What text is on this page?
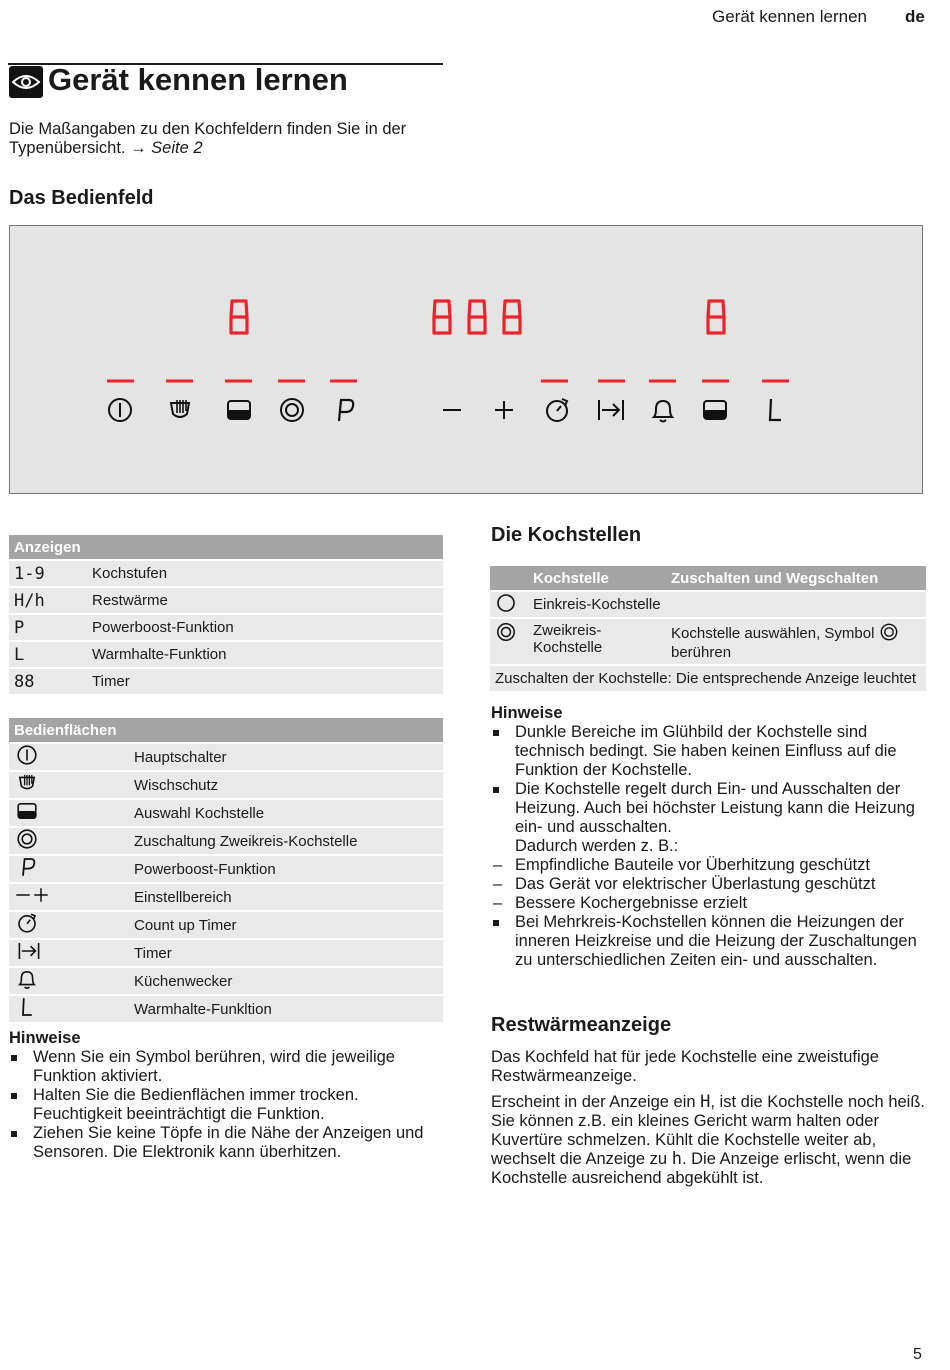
Gerät kennen lernen de
Gerät kennen lernen
Die Maßangaben zu den Kochfeldern finden Sie in der Typenübersicht. → Seite 2
Das Bedienfeld
Anzeigen	
1-9	Kochstufen
H/h	Restwärme
P	Powerboost-Funktion
L	Warmhalte-Funktion
88	Timer
Bedienflächen	
	Hauptschalter
	Wischschutz
	Auswahl Kochstelle
	Zuschaltung Zweikreis-Kochstelle
	Powerboost-Funktion
	Einstellbereich
	Count up Timer
	Timer
	Küchenwecker
	Warmhalte-Funkltion
Hinweise
Wenn Sie ein Symbol berühren, wird die jeweilige Funktion aktiviert.
Halten Sie die Bedienflächen immer trocken. Feuchtigkeit beeinträchtigt die Funktion.
Ziehen Sie keine Töpfe in die Nähe der Anzeigen und Sensoren. Die Elektronik kann überhitzen.
Die Kochstellen
	Kochstelle	Zuschalten und Wegschalten
	Einkreis-Kochstelle	
	Zweikreis-Kochstelle	Kochstelle auswählen, Symbol
berühren
Zuschalten der Kochstelle: Die entsprechende Anzeige leuchtet		
Hinweise
Dunkle Bereiche im Glühbild der Kochstelle sind technisch bedingt. Sie haben keinen Einfluss auf die Funktion der Kochstelle.
Die Kochstelle regelt durch Ein- und Ausschalten der Heizung. Auch bei höchster Leistung kann die Heizung ein- und ausschalten.
Dadurch werden z. B.:
– Empfindliche Bauteile vor Überhitzung geschützt
– Das Gerät vor elektrischer Überlastung geschützt
– Bessere Kochergebnisse erzielt
Bei Mehrkreis-Kochstellen können die Heizungen der inneren Heizkreise und die Heizung der Zuschaltungen zu unterschiedlichen Zeiten ein- und ausschalten.
Restwärmeanzeige
Das Kochfeld hat für jede Kochstelle eine zweistufige Restwärmeanzeige.
Erscheint in der Anzeige ein H, ist die Kochstelle noch heiß. Sie können z.B. ein kleines Gericht warm halten oder Kuvertüre schmelzen. Kühlt die Kochstelle weiter ab, wechselt die Anzeige zu h. Die Anzeige erlischt, wenn die Kochstelle ausreichend abgekühlt ist.
5
